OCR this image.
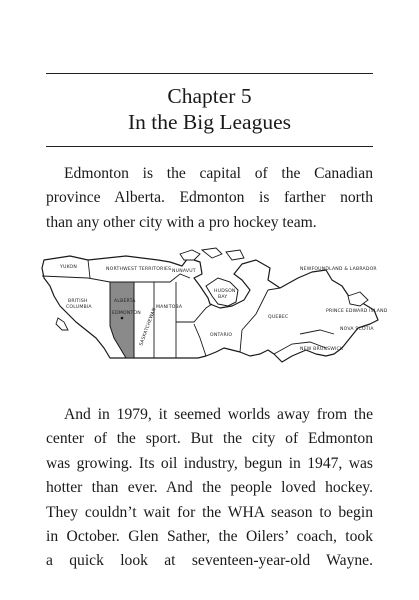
Chapter 5
In the Big Leagues

Edmonton is the capital of the Canadian
province Alberta. Edmonton is farther north
than any other city with a pro hockey team.

YUKON	NORTHWEST TERRITORIES NUNAVUT
HUDSON
BAY
NEWFOUNDLAND & LABRADOR
PRINCE EDWARD ISLAND
NOVA SCOTIA
NEW BRUNSWICK
BRITISH
COLUMBIA
ALBERTA
EDMONTON
SASKATCHEWAN
MANITOBA
ONTARIO
QUEBEC

And in 1979, it seemed worlds away from the
center of the sport. But the city of Edmonton
was growing. Its oil industry, begun in 1947, was
hotter than ever. And the people loved hockey.
They couldn’t wait for the WHA season to begin
in October. Glen Sather, the Oilers’ coach, took
a quick look at seventeen-year-old Wayne.
